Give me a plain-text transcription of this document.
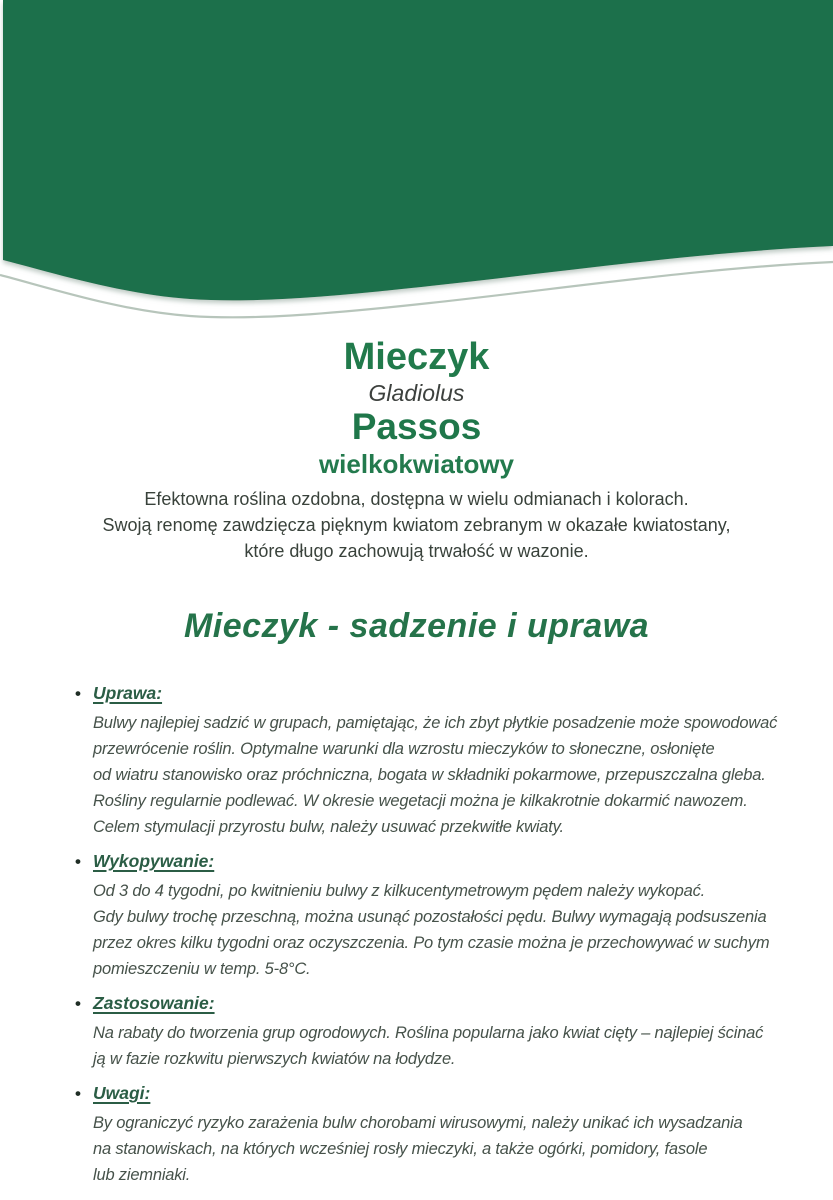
Mieczyk
Gladiolus
Passos
wielkokwiatowy
Efektowna roślina ozdobna, dostępna w wielu odmianach i kolorach.
Swoją renomę zawdzięcza pięknym kwiatom zebranym w okazałe kwiatostany,
które długo zachowują trwałość w wazonie.
Mieczyk - sadzenie i uprawa
• Uprawa:
Bulwy najlepiej sadzić w grupach, pamiętając, że ich zbyt płytkie posadzenie może spowodować
przewrócenie roślin. Optymalne warunki dla wzrostu mieczyków to słoneczne, osłonięte
od wiatru stanowisko oraz próchniczna, bogata w składniki pokarmowe, przepuszczalna gleba.
Rośliny regularnie podlewać. W okresie wegetacji można je kilkakrotnie dokarmić nawozem.
Celem stymulacji przyrostu bulw, należy usuwać przekwitłe kwiaty.
• Wykopywanie:
Od 3 do 4 tygodni, po kwitnieniu bulwy z kilkucentymetrowym pędem należy wykopać.
Gdy bulwy trochę przeschną, można usunąć pozostałości pędu. Bulwy wymagają podsuszenia
przez okres kilku tygodni oraz oczyszczenia. Po tym czasie można je przechowywać w suchym
pomieszczeniu w temp. 5-8°C.
• Zastosowanie:
Na rabaty do tworzenia grup ogrodowych. Roślina popularna jako kwiat cięty – najlepiej ścinać
ją w fazie rozkwitu pierwszych kwiatów na łodydze.
• Uwagi:
By ograniczyć ryzyko zarażenia bulw chorobami wirusowymi, należy unikać ich wysadzania
na stanowiskach, na których wcześniej rosły mieczyki, a także ogórki, pomidory, fasole
lub ziemniaki.
